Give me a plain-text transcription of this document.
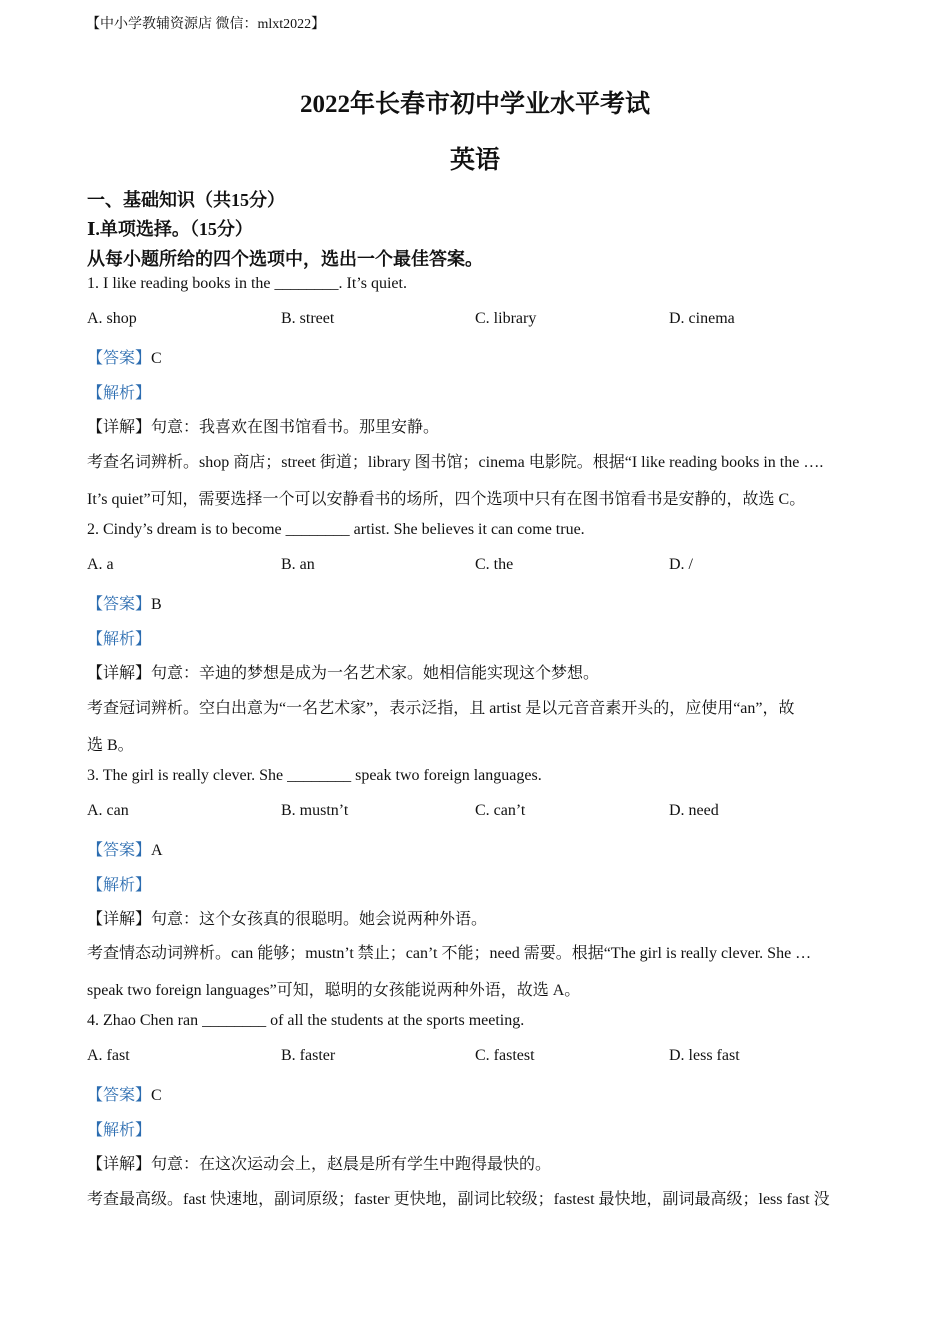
【中小学教辅资源店 微信：mlxt2022】
2022年长春市初中学业水平考试
英语
一、基础知识（共15分）
Ⅰ.单项选择。（15分）
从每小题所给的四个选项中，选出一个最佳答案。
1. I like reading books in the ________. It’s quiet.
A. shop	B. street	C. library	D. cinema
【答案】C
【解析】
【详解】句意：我喜欢在图书馆看书。那里安静。
考查名词辨析。shop 商店；street 街道；library 图书馆；cinema 电影院。根据“I like reading books in the ….
It’s quiet”可知，需要选择一个可以安静看书的场所，四个选项中只有在图书馆看书是安静的，故选 C。
2. Cindy’s dream is to become ________ artist. She believes it can come true.
A. a	B. an	C. the	D. /
【答案】B
【解析】
【详解】句意：辛迪的梦想是成为一名艺术家。她相信能实现这个梦想。
考查冠词辨析。空白出意为“一名艺术家”，表示泛指，且 artist 是以元音音素开头的，应使用“an”，故
选 B。
3. The girl is really clever. She ________ speak two foreign languages.
A. can	B. mustn’t	C. can’t	D. need
【答案】A
【解析】
【详解】句意：这个女孩真的很聪明。她会说两种外语。
考查情态动词辨析。can 能够；mustn’t 禁止；can’t 不能；need 需要。根据“The girl is really clever. She …
speak two foreign languages”可知，聪明的女孩能说两种外语，故选 A。
4. Zhao Chen ran ________ of all the students at the sports meeting.
A. fast	B. faster	C. fastest	D. less fast
【答案】C
【解析】
【详解】句意：在这次运动会上，赵晨是所有学生中跑得最快的。
考查最高级。fast 快速地，副词原级；faster 更快地，副词比较级；fastest 最快地，副词最高级；less fast 没
